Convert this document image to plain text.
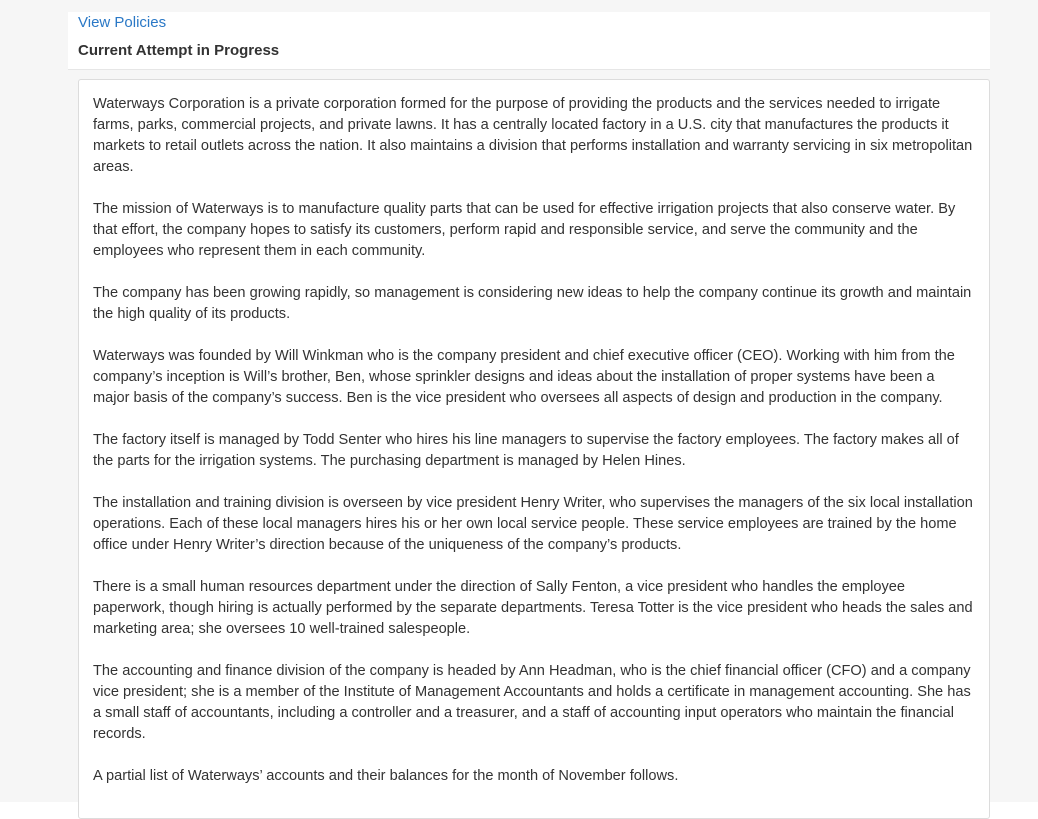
View Policies
Current Attempt in Progress

Waterways Corporation is a private corporation formed for the purpose of providing the products and the services needed to irrigate farms, parks, commercial projects, and private lawns. It has a centrally located factory in a U.S. city that manufactures the products it markets to retail outlets across the nation. It also maintains a division that performs installation and warranty servicing in six metropolitan areas.

The mission of Waterways is to manufacture quality parts that can be used for effective irrigation projects that also conserve water. By that effort, the company hopes to satisfy its customers, perform rapid and responsible service, and serve the community and the employees who represent them in each community.

The company has been growing rapidly, so management is considering new ideas to help the company continue its growth and maintain the high quality of its products.

Waterways was founded by Will Winkman who is the company president and chief executive officer (CEO). Working with him from the company’s inception is Will’s brother, Ben, whose sprinkler designs and ideas about the installation of proper systems have been a major basis of the company’s success. Ben is the vice president who oversees all aspects of design and production in the company.

The factory itself is managed by Todd Senter who hires his line managers to supervise the factory employees. The factory makes all of the parts for the irrigation systems. The purchasing department is managed by Helen Hines.

The installation and training division is overseen by vice president Henry Writer, who supervises the managers of the six local installation operations. Each of these local managers hires his or her own local service people. These service employees are trained by the home office under Henry Writer’s direction because of the uniqueness of the company’s products.

There is a small human resources department under the direction of Sally Fenton, a vice president who handles the employee paperwork, though hiring is actually performed by the separate departments. Teresa Totter is the vice president who heads the sales and marketing area; she oversees 10 well-trained salespeople.

The accounting and finance division of the company is headed by Ann Headman, who is the chief financial officer (CFO) and a company vice president; she is a member of the Institute of Management Accountants and holds a certificate in management accounting. She has a small staff of accountants, including a controller and a treasurer, and a staff of accounting input operators who maintain the financial records.

A partial list of Waterways’ accounts and their balances for the month of November follows.
